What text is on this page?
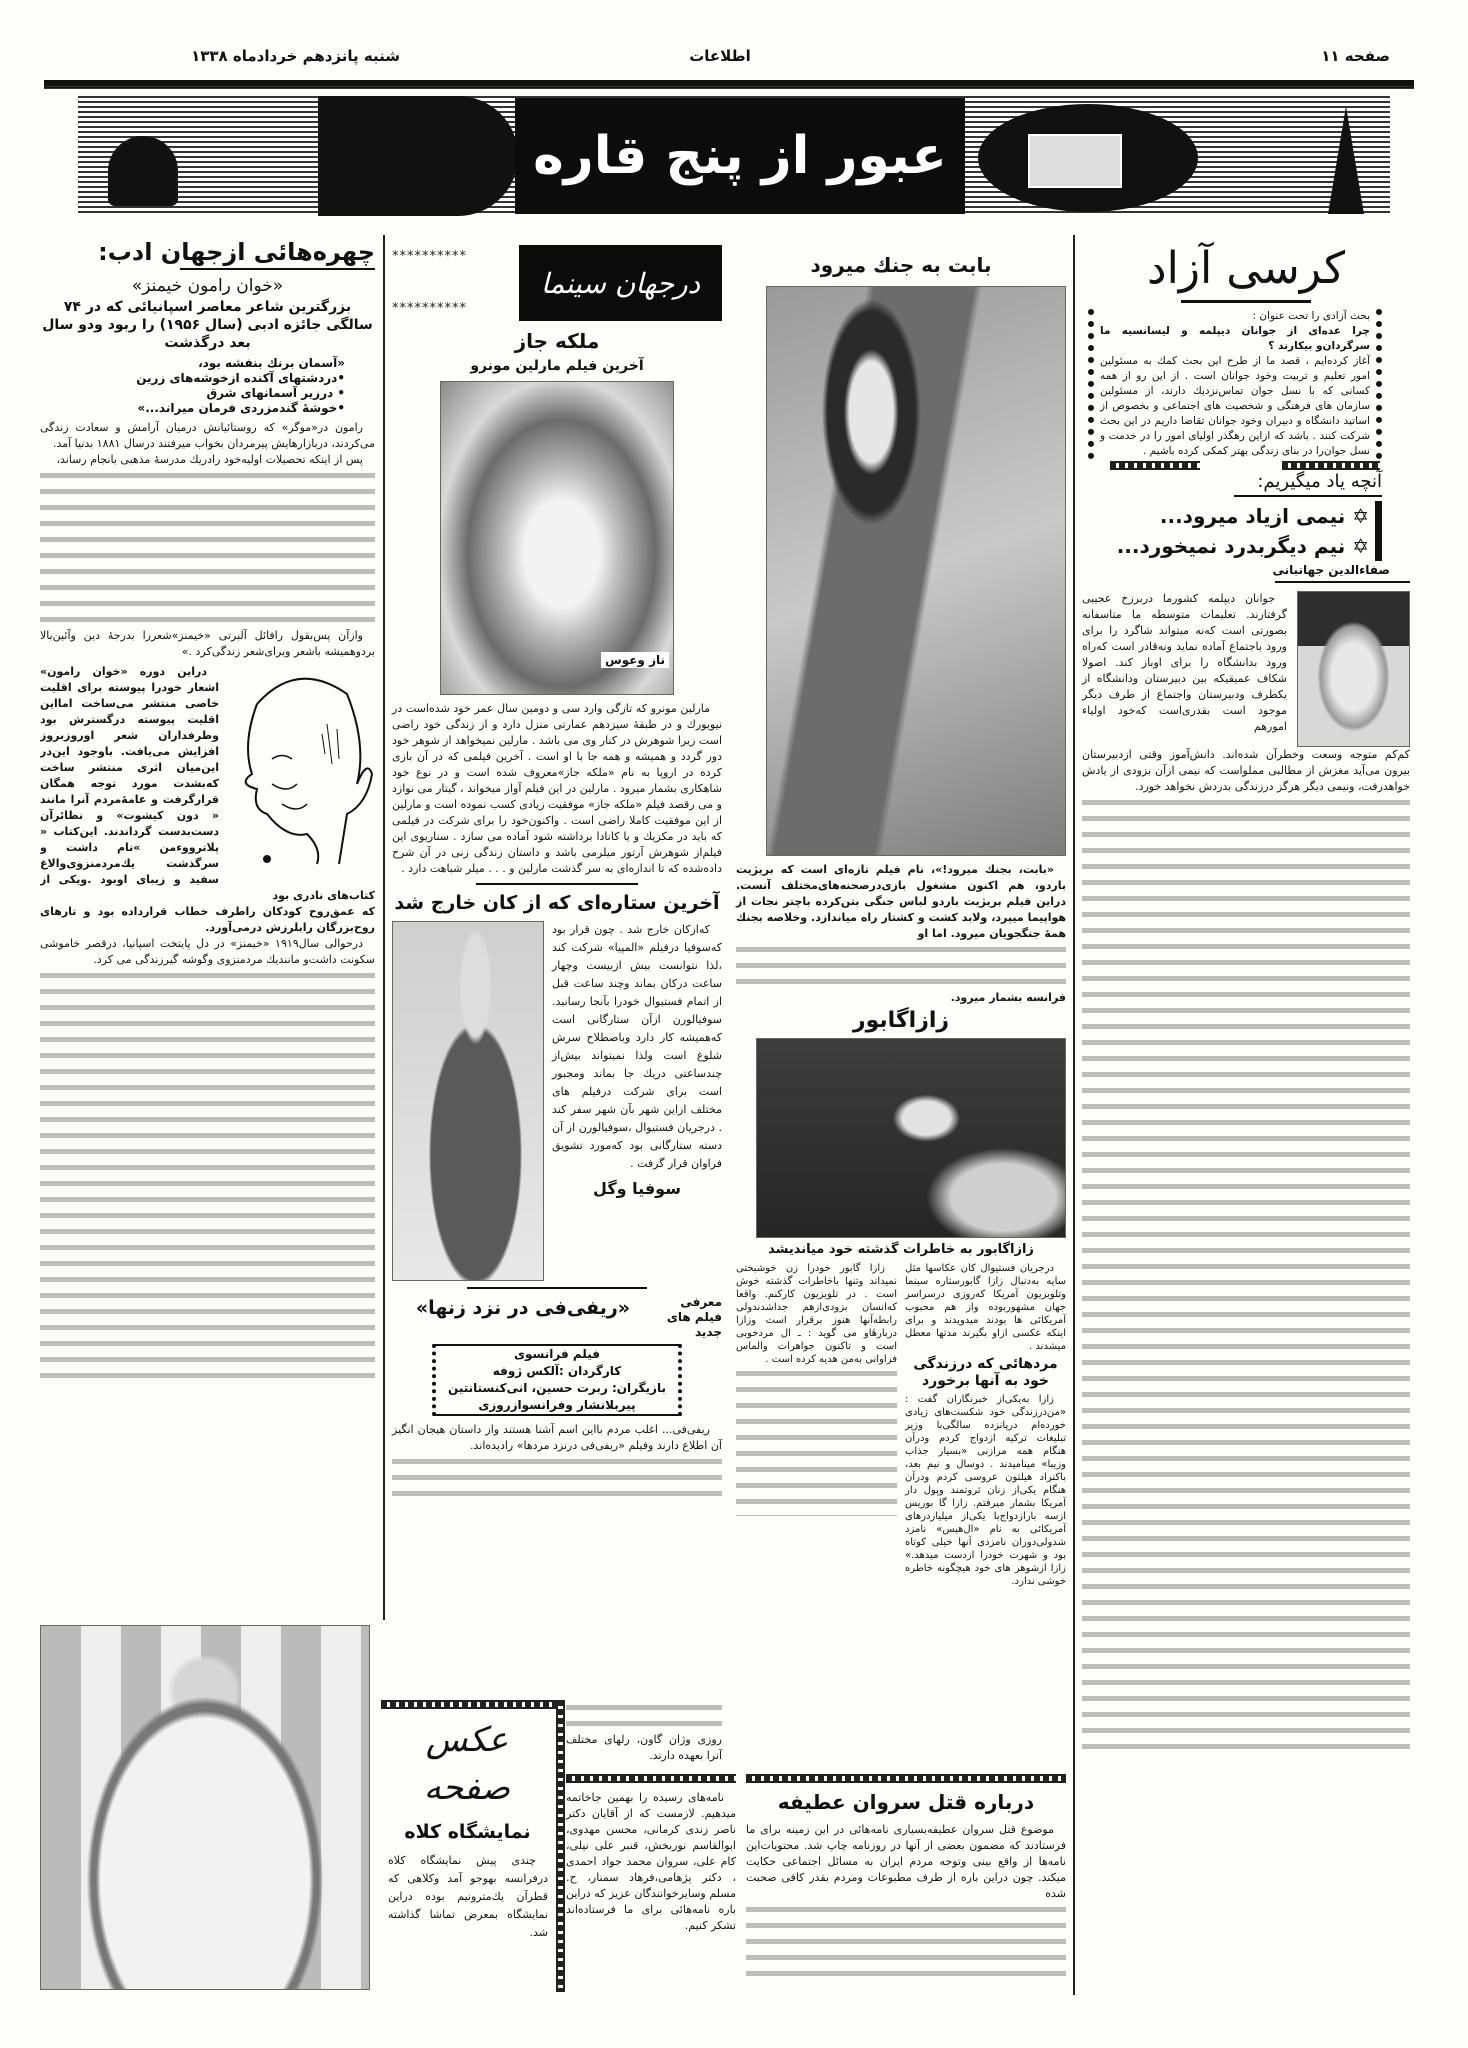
صفحه ۱۱
اطلاعات
شنبه پانزدهم خردادماه ۱۳۳۸
عبور از پنج قاره
چهره‌هائی ازجهان ادب:
«خوان رامون خیمنز»
بزرگترین شاعر معاصر اسپانیائی که در ۷۴ سالگی جائزه ادبی (سال ۱۹۵۶) را ربود ودو سال بعد درگذشت
«آسمان برنك بنفشه بود،
•دردشتهای آکنده ازخوشه‌های زرین
• درزیر آسمانهای شرق
•خوشهٔ گندمزردی فرمان میراند...»

رامون در«موگر» که روستائیانش درمیان آرامش و سعادت زندگی می‌کردند، دربازارهایش پیرمردان بخواب میرفتند درسال ۱۸۸۱ بدنیا آمد.

پس از اینکه تحصیلات اولیه‌خود رادریك مدرسهٔ مذهبی بانجام رساند،

وازآن پس‌بقول رافائل آلبرتی «خیمنز»شعررا بدرجهٔ دین وآئین‌بالا بردوهمیشه باشعر وبرای‌شعر زندگی‌کرد .»

دراین دوره «خوان رامون» اشعار خودرا پیوسته برای اقلیت خاصی منتشر می‌ساخت امااین اقلیت پیوسته درگسترش بود وطرفداران شعر اوروزبروز افزایش می‌یافت. باوجود این‌در این‌میان اثری منتشر ساخت که‌بشدت مورد توجه همگان قرارگرفت و عامهٔ‌مردم آنرا مانند « دون کیشوت» و نظائرآن دست‌بدست گرداندند. این‌کتاب « پلاترووءمن »نام داشت و سرگذشت یك‌مردمنزوی‌والاغ سفید و زیبای اوبود .ویکی از کتاب‌های نادری بود

که عمق‌روح کودکان راطرف خطاب قرارداده بود و تارهای روح‌بزرگان رابلرزش درمی‌آورد.

درحوالی سال۱۹۱۹ «خیمنز» در دل پایتخت اسپانیا، درقصر خاموشی سکونت داشت‌و مانندیك مردمنزوی وگوشه گیرزندگی می کرد.

درجهان سینما
**********
**********
ملکه جاز
آخرین فیلم مارلین مونرو
ناز وعوس

مارلین مونرو که تازگی وارد سی و دومین سال عمر خود شده‌است در نیویورك و در طبقهٔ سیزدهم عمارتی منزل دارد و از زندگی خود راضی است زیرا شوهرش در کنار وی می باشد . مارلین نمیخواهد از شوهر خود دور گردد و همیشه و همه جا با او است . آخرین فیلمی که در آن بازی کرده در اروپا به نام «ملکه جاز»معروف شده است و در نوع خود شاهکاری بشمار میرود . مارلین در این فیلم آواز میخواند ، گیتار می نوازد و می رقصد فیلم «ملکه جاز» موفقیت زیادی کسب نموده است و مارلین از این موفقیت کاملا راضی است . واکنون‌خود را برای شرکت در فیلمی که باید در مکزیك و یا کانادا برداشته شود آماده می سازد . سناریوی این فیلم‌از شوهرش آرتور میلرمی باشد و داستان زندگی زنی در آن شرح داده‌شده که تا اندازه‌ای به سر گذشت مارلین و . . . میلر شباهت دارد .

آخرین ستاره‌ای که از کان خارج شد

که‌ازکان خارج شد . چون قرار بود که‌سوفیا درفیلم «المپیا» شرکت کند ،لذا نتوانست بیش ازبیست وچهار ساعت درکان بماند وچند ساعت قبل از اتمام فستیوال خودرا بآنجا رسانید. سوفیالورن ازآن ستارگانی است که‌همیشه کار دارد وباصطلاح سرش شلوغ است ولذا نمیتواند بیش‌از چندساعتی دریك جا بماند ومجبور است برای شرکت درفیلم های مختلف ازاین شهر بآن شهر سفر کند . درجریان فستیوال ،سوفیالورن از آن دسته ستارگانی بود که‌مورد تشویق فراوان قرار گرفت .

سوفیا وگل
معرفی فیلم های جدید
«ریفی‌فی در نزد زنها»
فیلم فرانسوی
کارگردان :آلکس ژوفه
بازیگران: ربرت حسین، انی‌کنستانتین
پیر‌بلانشار وفرانسوازروزی

ریفی‌فی... اغلب مردم بااین اسم آشنا هستند واز داستان هیجان انگیز آن اطلاع دارند وفیلم «ریفی‌فی درنزد مردها» رادیده‌اند.

بابت به جنك میرود

«بابت، بجنك میرود!»، نام فیلم تازه‌ای است که بریژیت باردو، هم اکنون مشغول بازی‌درصحنه‌های‌مختلف آنست. دراین فیلم بریژیت باردو لباس جنگی بتن‌کرده باچتر نجات از هواپیما میپرد، ولابد کشت و کشتار راه میاندازد. وخلاصه بجنك همهٔ جنگجویان میرود. اما او

فرانسه بشمار میرود.

زازاگابور
زازاگابور به خاطرات گذشته خود میاندیشد

درجریان فستیوال کان عکاسها مثل سایه به‌دنبال زازا گابورستاره سینما وتلویزیون آمریکا که‌روزی درسراسر جهان مشهوربوده واز هم محبوب آمریکائی ها بودند میدویدند و برای اینکه عکسی ازاو بگیرند مدتها معطل میشدند .

مردهائی که درزندگی خود به آنها برخورد

زازا به‌یکی‌از خبرنگاران گفت : «من‌درزندگی خود شکست‌های زیادی خورده‌ام درپانزده سالگی‌با وزیر تبلیغات ترکیه ازدواج کردم ودرآن هنگام همه مرازنی «بسیار جذاب وزیبا» مینامیدند . دوسال و نیم بعد، باکنراد هیلتون عروسی کردم ودرآن هنگام یکی‌از زنان ثروتمند وپول دار آمریکا بشمار میرفتم. زازا گا بوریس ازسه بارازدواج‌با یکی‌از میلیاردرهای آمریکائی به نام «ال‌هیس» نامزد شدولی‌دوران نامزدی آنها خیلی کوتاه بود و شهرت خودرا ازدست میدهد.» زازا ازشوهر های خود هیچگونه خاطره خوشی ندارد.

زازا گابور خودرا زن خوشبختی نمیداند وتنها باخاطرات گذشته خوش است . در تلویزیون کارکنم. واقعا که‌انسان بزودی‌ازهم جداشدندولی رابطه‌آنها هنوز برقرار است وزازا دربارهٔاو می گوید : ـ ال مردخوبی است و تاکنون جواهرات والماس فراوانی به‌من هدیه کرده است .

کرسی آزاد
بحث آزادی را تحت عنوان :
چرا عده‌ای از جوانان دیپلمه و لیسانسیه ما سرگردان‌و بیکارند ؟
آغاز کرده‌ایم ، قصد ما از طرح این بحث کمك به مسئولین امور تعلیم و تربیت وخود جوانان است . از این رو از همه کسانی که با نسل جوان تماس‌نزدیك دارند، از مسئولین سازمان های فرهنگی و شخصیت های اجتماعی و بخصوص از اساتید دانشگاه و دبیران وخود جوانان تقاضا داریم در این بحث شرکت کنند . باشد که ازاین رهگذر اولیای امور را در خدمت و نسل جوان‌را در بنای زندگی بهتر کمکی کرده باشیم .
آنچه یاد میگیریم:
✡ نیمی ازیاد میرود...
✡ نیم دیگربدرد نمیخورد...
صفاءالدین جهانبانی

جوانان دیپلمه کشورما دربرزخ عجیبی گرفتارند. تعلیمات متوسطه ما متاسفانه بصورتی است که‌نه میتواند شاگرد را برای ورود باجتماع آماده نماید ونه‌قادر است که‌راه ورود بدانشگاه را برای اوباز کند. اصولا شکاف عمیقیکه بین دبیرستان ودانشگاه از یکطرف ودبیرستان واجتماع از طرف دیگر موجود است بقدری‌است که‌خود اولیاء امورهم

کم‌کم متوجه وسعت وخطرآن شده‌اند. دانش‌آموز وقتی ازدبیرستان بیرون می‌آید مغزش از مطالبی مملواست که نیمی ازآن بزودی از یادش خواهدرفت، ونیمی دیگر هرگز درزندگی بدردش نخواهد خورد.

عکس صفحه
نمایشگاه کلاه

چندی پیش نمایشگاه کلاه درفرانسه بهوجو آمد وکلاهی که قطرآن یك‌مترونیم بوده دراین نمایشگاه بمعرض تماشا گذاشته شد.

روزی وژان گاون، رلهای مختلف آنرا بعهده دارند.

نامه‌های رسیده را بهمین جاخاتمه میدهیم. لازمست که از آقایان دکتر ناصر زندی کرمانی، محسن مهدوی، ابوالقاسم نوربخش، قنبر علی نیلی، کام علی، سروان محمد جواد احمدی ، دکتر پژهامی،فرهاد سمنار، ح. مسلم وسایرخوانندگان عزیز که دراین باره نامه‌هائی برای ما فرستاده‌اند تشکر کنیم.

درباره قتل سروان عطیفه

موضوع قتل سروان عطیفه‌بسیاری نامه‌هائی در این زمینه برای ما فرستادند که مضمون بعضی از آنها در روزنامه چاپ شد. محتویات‌این نامه‌ها از واقع بینی وتوجه مردم ایران به مسائل اجتماعی حکایت میکند. چون دراین باره از طرف مطبوعات ومردم بقدر کافی صحبت شده
